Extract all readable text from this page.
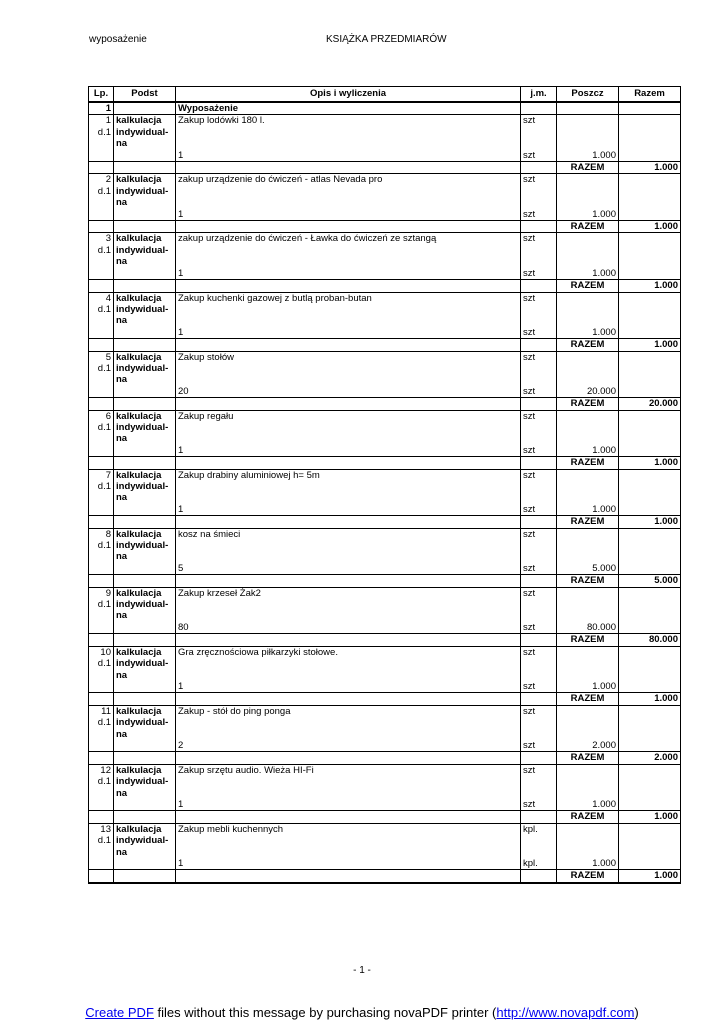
wyposażenie	KSIĄŻKA PRZEDMIARÓW
Lp.	Podst	Opis i wyliczenia	j.m.	Poszcz	Razem
1		Wyposażenie			
1	kalkulacja	Zakup lodówki 180 l.	szt		
d.1	indywidual-				
	na				
		1	szt	1.000	
				RAZEM	1.000
2	kalkulacja	zakup urządzenie do ćwiczeń - atlas Nevada pro	szt		
d.1	indywidual-				
	na				
		1	szt	1.000	
				RAZEM	1.000
3	kalkulacja	zakup urządzenie do ćwiczeń - Ławka do ćwiczeń ze sztangą	szt		
d.1	indywidual-				
	na				
		1	szt	1.000	
				RAZEM	1.000
4	kalkulacja	Zakup kuchenki gazowej z butlą proban-butan	szt		
d.1	indywidual-				
	na				
		1	szt	1.000	
				RAZEM	1.000
5	kalkulacja	Zakup stołów	szt		
d.1	indywidual-				
	na				
		20	szt	20.000	
				RAZEM	20.000
6	kalkulacja	Zakup regału	szt		
d.1	indywidual-				
	na				
		1	szt	1.000	
				RAZEM	1.000
7	kalkulacja	Zakup drabiny aluminiowej h= 5m	szt		
d.1	indywidual-				
	na				
		1	szt	1.000	
				RAZEM	1.000
8	kalkulacja	kosz na śmieci	szt		
d.1	indywidual-				
	na				
		5	szt	5.000	
				RAZEM	5.000
9	kalkulacja	Zakup krzeseł Żak2	szt		
d.1	indywidual-				
	na				
		80	szt	80.000	
				RAZEM	80.000
10	kalkulacja	Gra zręcznościowa piłkarzyki stołowe.	szt		
d.1	indywidual-				
	na				
		1	szt	1.000	
				RAZEM	1.000
11	kalkulacja	Zakup - stół do ping ponga	szt		
d.1	indywidual-				
	na				
		2	szt	2.000	
				RAZEM	2.000
12	kalkulacja	Zakup srzętu audio. Wieża HI-Fi	szt		
d.1	indywidual-				
	na				
		1	szt	1.000	
				RAZEM	1.000
13	kalkulacja	Zakup mebli kuchennych	kpl.		
d.1	indywidual-				
	na				
		1	kpl.	1.000	
				RAZEM	1.000
- 1 -
Create PDF files without this message by purchasing novaPDF printer (http://www.novapdf.com)
